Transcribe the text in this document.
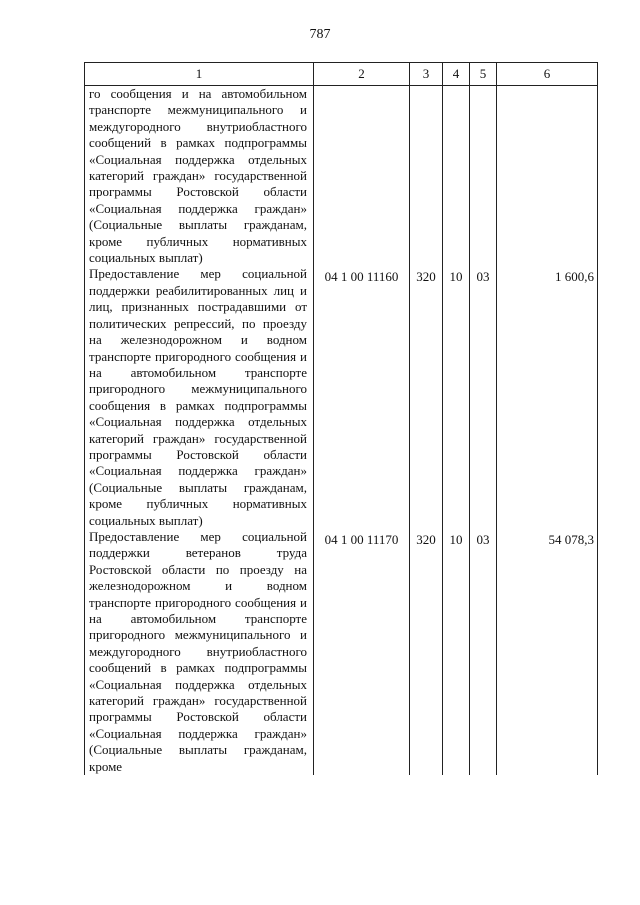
787
1	2	3	4	5	6
го сообщения и на автомобильном транспорте межмуниципального и междугородного внутриобластного сообщений в рамках подпрограммы «Социальная поддержка отдельных категорий граждан» государственной программы Ростовской области «Социальная поддержка граждан» (Социальные выплаты гражданам, кроме публичных нормативных социальных выплат)					
Предоставление мер социальной поддержки реабилитированных лиц и лиц, признанных пострадавшими от политических репрессий, по проезду на железнодорожном и водном транспорте пригородного сообщения и на автомобильном транспорте пригородного межмуниципального сообщения в рамках подпрограммы «Социальная поддержка отдельных категорий граждан» государственной программы Ростовской области «Социальная поддержка граждан» (Социальные выплаты гражданам, кроме публичных нормативных социальных выплат)	04 1 00 11160	320	10	03	1 600,6
Предоставление мер социальной поддержки ветеранов труда Ростовской области по проезду на железнодорожном и водном транспорте пригородного сообщения и на автомобильном транспорте пригородного межмуниципального и междугородного внутриобластного сообщений в рамках подпрограммы «Социальная поддержка отдельных категорий граждан» государственной программы Ростовской области «Социальная поддержка граждан» (Социальные выплаты гражданам, кроме	04 1 00 11170	320	10	03	54 078,3
